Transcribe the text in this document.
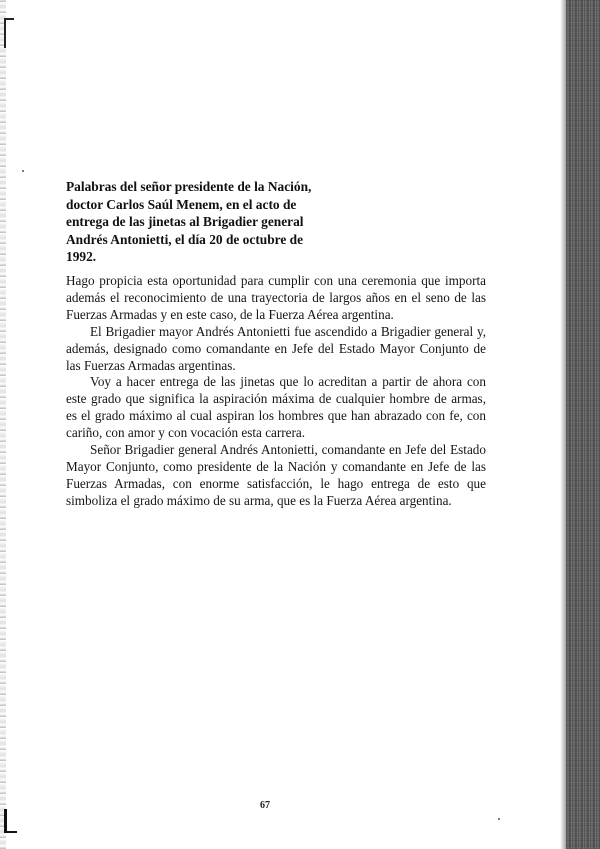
Palabras del señor presidente de la Nación, doctor Carlos Saúl Menem, en el acto de entrega de las jinetas al Brigadier general Andrés Antonietti, el día 20 de octubre de 1992.

Hago propicia esta oportunidad para cumplir con una ceremonia que importa además el reconocimiento de una trayectoria de largos años en el seno de las Fuerzas Armadas y en este caso, de la Fuerza Aérea argentina.

El Brigadier mayor Andrés Antonietti fue ascendido a Brigadier general y, además, designado como comandante en Jefe del Estado Mayor Conjunto de las Fuerzas Armadas argentinas.

Voy a hacer entrega de las jinetas que lo acreditan a partir de ahora con este grado que significa la aspiración máxima de cualquier hombre de armas, es el grado máximo al cual aspiran los hombres que han abrazado con fe, con cariño, con amor y con vocación esta carrera.

Señor Brigadier general Andrés Antonietti, comandante en Jefe del Estado Mayor Conjunto, como presidente de la Nación y comandante en Jefe de las Fuerzas Armadas, con enorme satisfacción, le hago entrega de esto que simboliza el grado máximo de su arma, que es la Fuerza Aérea argentina.

67
